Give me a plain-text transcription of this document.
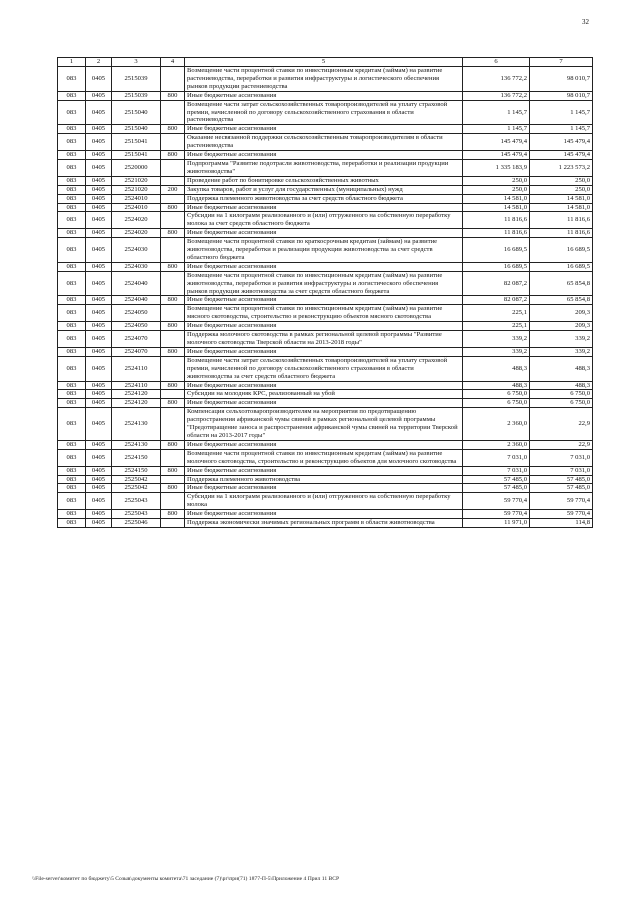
32
1	2	3	4	5	6	7
083	0405	2515039		Возмещение части процентной ставки по инвестиционным кредитам (займам) на развитие растениеводства, переработки и развития инфраструктуры и логистического обеспечения рынков продукции растениеводства	136 772,2	98 010,7
083	0405	2515039	800	Иные бюджетные ассигнования	136 772,2	98 010,7
083	0405	2515040		Возмещение части затрат сельскохозяйственных товаропроизводителей на уплату страховой премии, начисленной по договору сельскохозяйственного страхования в области растениеводства	1 145,7	1 145,7
083	0405	2515040	800	Иные бюджетные ассигнования	1 145,7	1 145,7
083	0405	2515041		Оказание несвязанной поддержки сельскохозяйственным товаропроизводителям в области растениеводства	145 479,4	145 479,4
083	0405	2515041	800	Иные бюджетные ассигнования	145 479,4	145 479,4
083	0405	2520000		Подпрограмма "Развитие подотрасли животноводства, переработки и реализации продукции животноводства"	1 335 183,9	1 223 573,2
083	0405	2521020		Проведение работ по бонитировке сельскохозяйственных животных	250,0	250,0
083	0405	2521020	200	Закупка товаров, работ и услуг для государственных (муниципальных) нужд	250,0	250,0
083	0405	2524010		Поддержка племенного животноводства за счет средств областного бюджета	14 581,0	14 581,0
083	0405	2524010	800	Иные бюджетные ассигнования	14 581,0	14 581,0
083	0405	2524020		Субсидии на 1 килограмм реализованного и (или) отгруженного на собственную переработку молока за счет средств областного бюджета	11 816,6	11 816,6
083	0405	2524020	800	Иные бюджетные ассигнования	11 816,6	11 816,6
083	0405	2524030		Возмещение части процентной ставки по краткосрочным кредитам (займам) на развитие животноводства, переработки и реализации продукции животноводства за счет средств областного бюджета	16 689,5	16 689,5
083	0405	2524030	800	Иные бюджетные ассигнования	16 689,5	16 689,5
083	0405	2524040		Возмещение части процентной ставки по инвестиционным кредитам (займам) на развитие животноводства, переработки и развития инфраструктуры и логистического обеспечения рынков продукции животноводства за счет средств областного бюджета	82 087,2	65 854,8
083	0405	2524040	800	Иные бюджетные ассигнования	82 087,2	65 854,8
083	0405	2524050		Возмещение части процентной ставки по инвестиционным кредитам (займам) на развитие мясного скотоводства, строительство и реконструкцию объектов мясного скотоводства	225,1	209,3
083	0405	2524050	800	Иные бюджетные ассигнования	225,1	209,3
083	0405	2524070		Поддержка молочного скотоводства в рамках региональной целевой программы "Развитие молочного скотоводства Тверской области на 2013-2018 годы"	339,2	339,2
083	0405	2524070	800	Иные бюджетные ассигнования	339,2	339,2
083	0405	2524110		Возмещение части затрат сельскохозяйственных товаропроизводителей на уплату страховой премии, начисленной по договору сельскохозяйственного страхования в области животноводства за счет средств областного бюджета	488,3	488,3
083	0405	2524110	800	Иные бюджетные ассигнования	488,3	488,3
083	0405	2524120		Субсидии на молодняк КРС, реализованный на убой	6 750,0	6 750,0
083	0405	2524120	800	Иные бюджетные ассигнования	6 750,0	6 750,0
083	0405	2524130		Компенсация сельхозтоваропроизводителям на мероприятия по предотвращению распространения африканской чумы свиней в рамках региональной целевой программы "Предотвращение заноса и распространения африканской чумы свиней на территории Тверской области на 2013-2017 годы"	2 360,0	22,9
083	0405	2524130	800	Иные бюджетные ассигнования	2 360,0	22,9
083	0405	2524150		Возмещение части процентной ставки по инвестиционным кредитам (займам) на развитие молочного скотоводства, строительство и реконструкцию объектов для молочного скотоводства	7 031,0	7 031,0
083	0405	2524150	800	Иные бюджетные ассигнования	7 031,0	7 031,0
083	0405	2525042		Поддержка племенного животноводства	57 485,0	57 485,0
083	0405	2525042	800	Иные бюджетные ассигнования	57 485,0	57 485,0
083	0405	2525043		Субсидии на 1 килограмм реализованного и (или) отгруженного на собственную переработку молока	59 770,4	59 770,4
083	0405	2525043	800	Иные бюджетные ассигнования	59 770,4	59 770,4
083	0405	2525046		Поддержка экономически значимых региональных программ в области животноводства	11 971,0	114,8
\\File-server\комитет по бюджету\5 Созыв\документы комитета\71 заседание (7)\рг\при(71) 1877-П-5\Приложение 4 Прил 11 ВСР
